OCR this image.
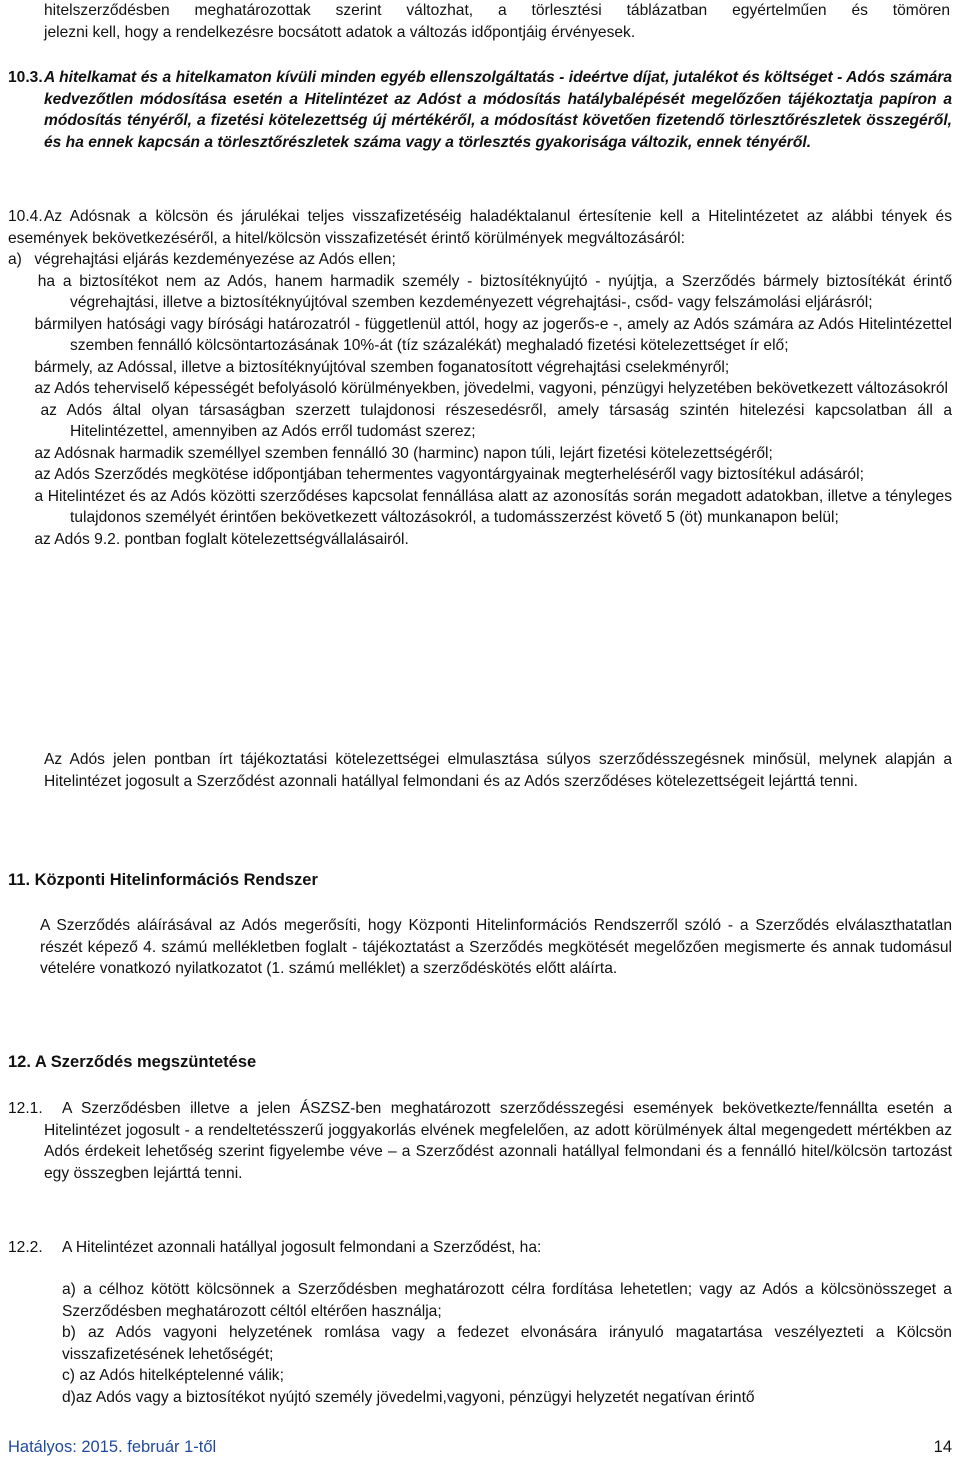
hitelszerződésben meghatározottak szerint változhat, a törlesztési táblázatban egyértelműen és tömören

jelezni kell, hogy a rendelkezésre bocsátott adatok a változás időpontjáig érvényesek.

10.3.A hitelkamat és a hitelkamaton kívüli minden egyéb ellenszolgáltatás - ideértve díjat, jutalékot és költséget - Adós számára kedvezőtlen módosítása esetén a Hitelintézet az Adóst a módosítás hatálybalépését megelőzően tájékoztatja papíron a módosítás tényéről, a fizetési kötelezettség új mértékéről, a módosítást követően fizetendő törlesztőrészletek összegéről, és ha ennek kapcsán a törlesztőrészletek száma vagy a törlesztés gyakorisága változik, ennek tényéről.
10.4.Az Adósnak a kölcsön és járulékai teljes visszafizetéséig haladéktalanul értesítenie kell a Hitelintézetet az alábbi tények és események bekövetkezéséről, a hitel/kölcsön visszafizetését érintő körülmények megváltozásáról:
a) végrehajtási eljárás kezdeményezése az Adós ellen;
ha a biztosítékot nem az Adós, hanem harmadik személy - biztosítéknyújtó - nyújtja, a Szerződés bármely biztosítékát érintő végrehajtási, illetve a biztosítéknyújtóval szemben kezdeményezett végrehajtási-, csőd- vagy felszámolási eljárásról;
bármilyen hatósági vagy bírósági határozatról - függetlenül attól, hogy az jogerős-e -, amely az Adós számára az Adós Hitelintézettel szemben fennálló kölcsöntartozásának 10%-át (tíz százalékát) meghaladó fizetési kötelezettséget ír elő;
bármely, az Adóssal, illetve a biztosítéknyújtóval szemben foganatosított végrehajtási cselekményről;
az Adós teherviselő képességét befolyásoló körülményekben, jövedelmi, vagyoni, pénzügyi helyzetében bekövetkezett változásokról
az Adós által olyan társaságban szerzett tulajdonosi részesedésről, amely társaság szintén hitelezési kapcsolatban áll a Hitelintézettel, amennyiben az Adós erről tudomást szerez;
az Adósnak harmadik személlyel szemben fennálló 30 (harminc) napon túli, lejárt fizetési kötelezettségéről;
az Adós Szerződés megkötése időpontjában tehermentes vagyontárgyainak megterheléséről vagy biztosítékul adásáról;
a Hitelintézet és az Adós közötti szerződéses kapcsolat fennállása alatt az azonosítás során megadott adatokban, illetve a tényleges tulajdonos személyét érintően bekövetkezett változásokról, a tudomásszerzést követő 5 (öt) munkanapon belül;
az Adós 9.2. pontban foglalt kötelezettségvállalásairól.
Az Adós jelen pontban írt tájékoztatási kötelezettségei elmulasztása súlyos szerződésszegésnek minősül, melynek alapján a Hitelintézet jogosult a Szerződést azonnali hatállyal felmondani és az Adós szerződéses kötelezettségeit lejárttá tenni.
11. Központi Hitelinformációs Rendszer
A Szerződés aláírásával az Adós megerősíti, hogy Központi Hitelinformációs Rendszerről szóló - a Szerződés elválaszthatatlan részét képező 4. számú mellékletben foglalt - tájékoztatást a Szerződés megkötését megelőzően megismerte és annak tudomásul vételére vonatkozó nyilatkozatot (1. számú melléklet) a szerződéskötés előtt aláírta.
12. A Szerződés megszüntetése
12.1. A Szerződésben illetve a jelen ÁSZSZ-ben meghatározott szerződésszegési események bekövetkezte/fennállta esetén a Hitelintézet jogosult - a rendeltetésszerű joggyakorlás elvének megfelelően, az adott körülmények által megengedett mértékben az Adós érdekeit lehetőség szerint figyelembe véve – a Szerződést azonnali hatállyal felmondani és a fennálló hitel/kölcsön tartozást egy összegben lejárttá tenni.
12.2. A Hitelintézet azonnali hatállyal jogosult felmondani a Szerződést, ha:
a) a célhoz kötött kölcsönnek a Szerződésben meghatározott célra fordítása lehetetlen; vagy az Adós a kölcsönösszeget a Szerződésben meghatározott céltól eltérően használja;
b) az Adós vagyoni helyzetének romlása vagy a fedezet elvonására irányuló magatartása veszélyezteti a Kölcsön visszafizetésének lehetőségét;
c) az Adós hitelképtelenné válik;
d)az Adós vagy a biztosítékot nyújtó személy jövedelmi,vagyoni, pénzügyi helyzetét negatívan érintő
Hatályos: 2015. február 1-től	14
